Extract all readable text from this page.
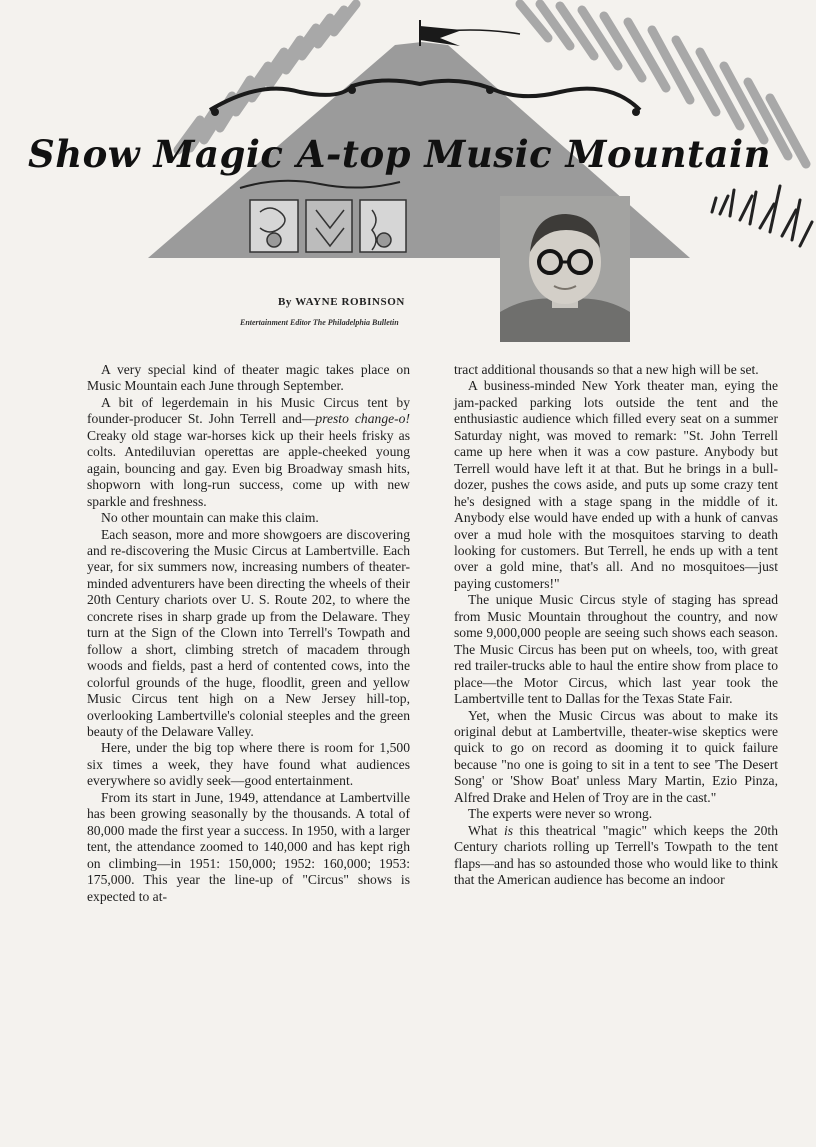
Show Magic A-top Music Mountain
By WAYNE ROBINSON
Entertainment Editor The Philadelphia Bulletin

A very special kind of theater magic takes place on Music Mountain each June through September.

A bit of legerdemain in his Music Circus tent by founder-producer St. John Terrell and—presto change-o! Creaky old stage war-horses kick up their heels frisky as colts. Antediluvian operettas are apple-cheeked young again, bouncing and gay. Even big Broadway smash hits, shopworn with long-run success, come up with new sparkle and freshness.

No other mountain can make this claim.

Each season, more and more showgoers are discovering and re-discovering the Music Circus at Lambertville. Each year, for six summers now, increasing numbers of theater-minded adventurers have been directing the wheels of their 20th Century chariots over U. S. Route 202, to where the concrete rises in sharp grade up from the Delaware. They turn at the Sign of the Clown into Terrell's Towpath and follow a short, climbing stretch of macadem through woods and fields, past a herd of contented cows, into the colorful grounds of the huge, floodlit, green and yellow Music Circus tent high on a New Jersey hill-top, overlooking Lambertville's colonial steeples and the green beauty of the Delaware Valley.

Here, under the big top where there is room for 1,500 six times a week, they have found what audiences everywhere so avidly seek—good entertainment.

From its start in June, 1949, attendance at Lambertville has been growing seasonally by the thousands. A total of 80,000 made the first year a success. In 1950, with a larger tent, the attendance zoomed to 140,000 and has kept righ on climbing—in 1951: 150,000; 1952: 160,000; 1953: 175,000. This year the line-up of "Circus" shows is expected to at-

tract additional thousands so that a new high will be set.

A business-minded New York theater man, eying the jam-packed parking lots outside the tent and the enthusiastic audience which filled every seat on a summer Saturday night, was moved to remark: "St. John Terrell came up here when it was a cow pasture. Anybody but Terrell would have left it at that. But he brings in a bull-dozer, pushes the cows aside, and puts up some crazy tent he's designed with a stage spang in the middle of it. Anybody else would have ended up with a hunk of canvas over a mud hole with the mosquitoes starving to death looking for customers. But Terrell, he ends up with a tent over a gold mine, that's all. And no mosquitoes—just paying customers!"

The unique Music Circus style of staging has spread from Music Mountain throughout the country, and now some 9,000,000 people are seeing such shows each season. The Music Circus has been put on wheels, too, with great red trailer-trucks able to haul the entire show from place to place—the Motor Circus, which last year took the Lambertville tent to Dallas for the Texas State Fair.

Yet, when the Music Circus was about to make its original debut at Lambertville, theater-wise skeptics were quick to go on record as dooming it to quick failure because "no one is going to sit in a tent to see 'The Desert Song' or 'Show Boat' unless Mary Martin, Ezio Pinza, Alfred Drake and Helen of Troy are in the cast."

The experts were never so wrong.

What is this theatrical "magic" which keeps the 20th Century chariots rolling up Terrell's Towpath to the tent flaps—and has so astounded those who would like to think that the American audience has become an indoor
